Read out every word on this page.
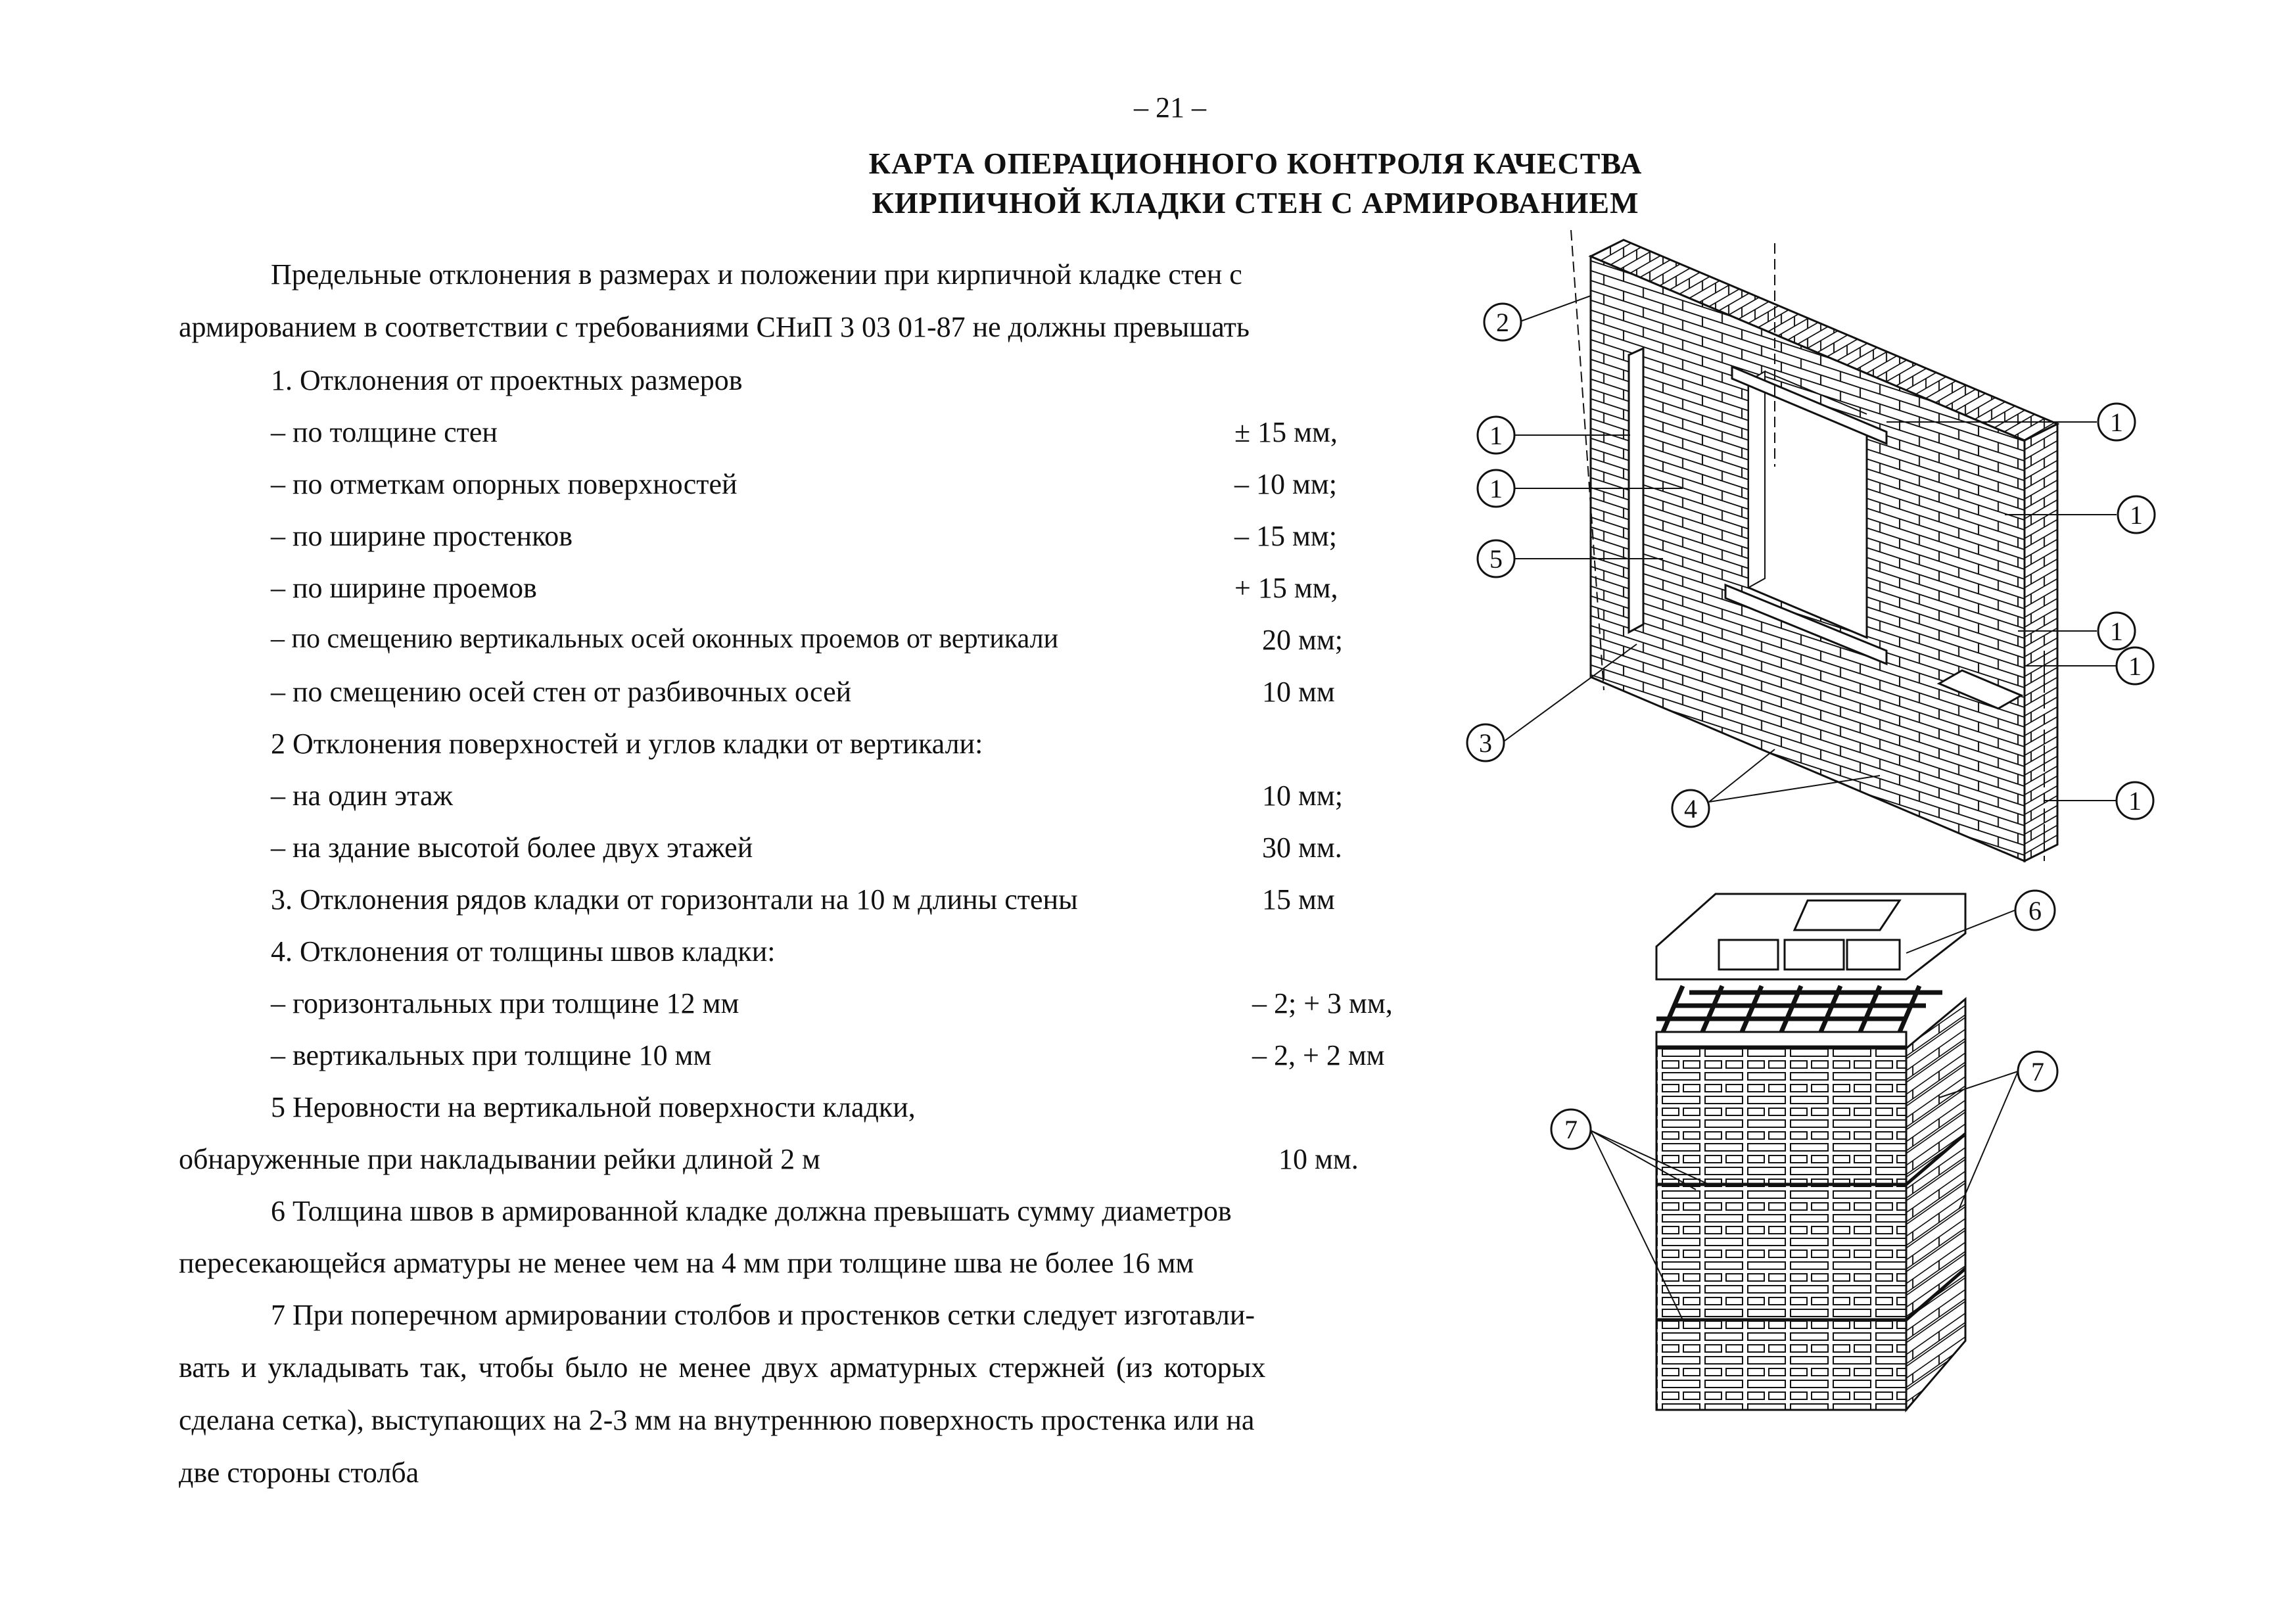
– 21 –
КАРТА ОПЕРАЦИОННОГО КОНТРОЛЯ КАЧЕСТВА
КИРПИЧНОЙ КЛАДКИ СТЕН С АРМИРОВАНИЕМ
Предельные отклонения в размерах и положении при кирпичной кладке стен с
армированием в соответствии с требованиями СНиП 3 03 01-87 не должны превышать
1. Отклонения от проектных размеров
– по толщине стен	± 15 мм,
– по отметкам опорных поверхностей	– 10 мм;
– по ширине простенков	– 15 мм;
– по ширине проемов	+ 15 мм,
– по смещению вертикальных осей оконных проемов от вертикали	20 мм;
– по смещению осей стен от разбивочных осей	10 мм
2 Отклонения поверхностей и углов кладки от вертикали:
– на один этаж	10 мм;
– на здание высотой более двух этажей	30 мм.
3. Отклонения рядов кладки от горизонтали на 10 м длины стены	15 мм
4. Отклонения от толщины швов кладки:
– горизонтальных при толщине 12 мм	– 2; + 3 мм,
– вертикальных при толщине 10 мм	– 2, + 2 мм
5 Неровности на вертикальной поверхности кладки,
обнаруженные при накладывании рейки длиной 2 м	10 мм.
6 Толщина швов в армированной кладке должна превышать сумму диаметров
пересекающейся арматуры не менее чем на 4 мм при толщине шва не более 16 мм
7 При поперечном армировании столбов и простенков сетки следует изготавли-
вать и укладывать так, чтобы было не менее двух арматурных стержней (из которых
сделана сетка), выступающих на 2-3 мм на внутреннюю поверхность простенка или на
две стороны столба
2
1
1
1
1
5
1
1
3
4	1
6
7
7
